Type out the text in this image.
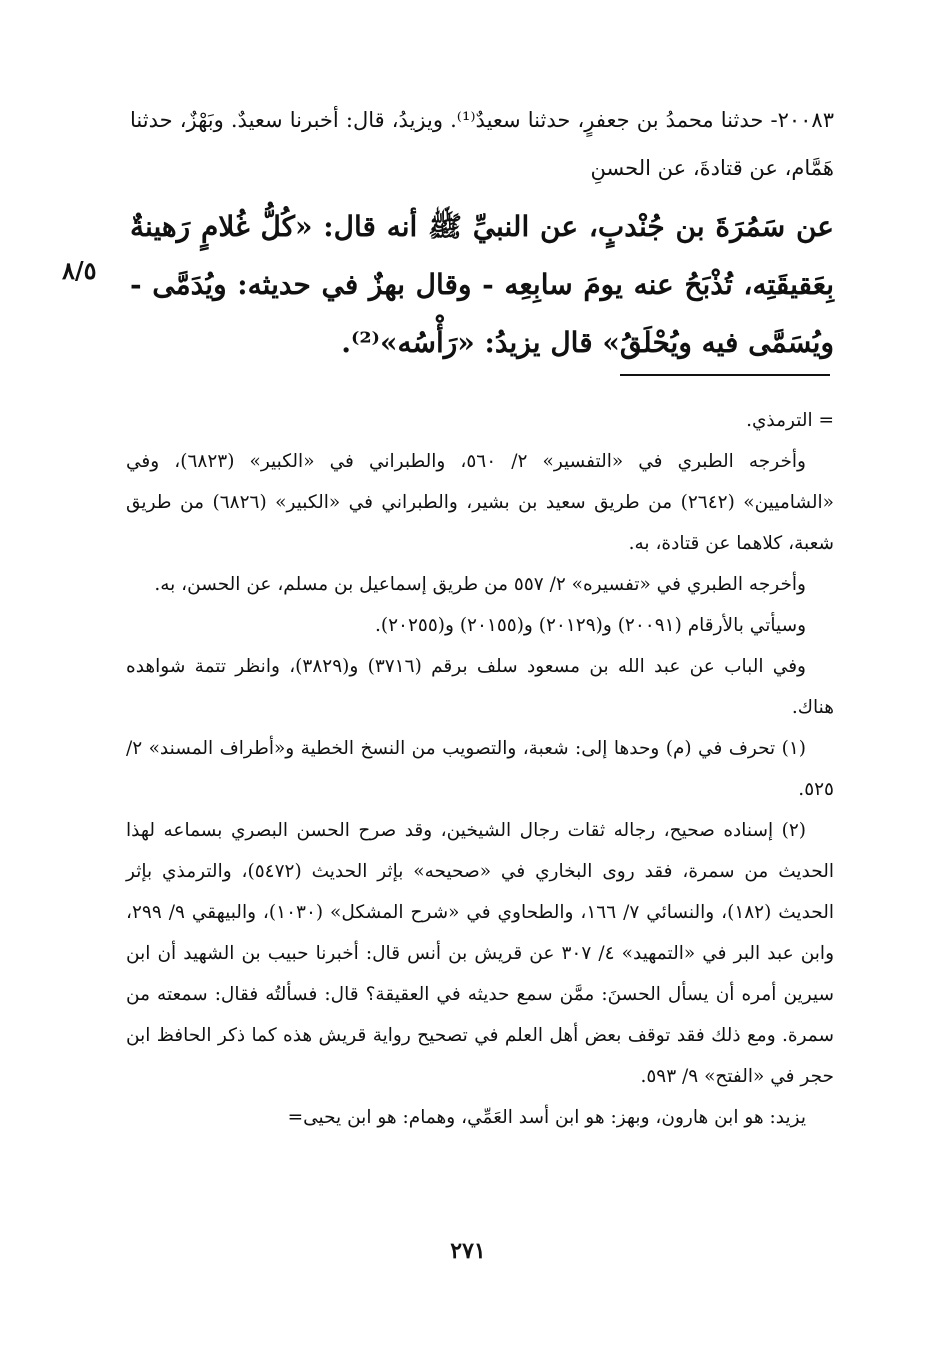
٨/٥
٢٠٠٨٣- حدثنا محمدُ بن جعفرٍ، حدثنا سعيدٌ⁽¹⁾. ويزيدُ، قال: أخبرنا سعيدٌ. وبَهْزٌ، حدثنا هَمَّام، عن قتادةَ، عن الحسنِ
عن سَمُرَةَ بن جُنْدبٍ، عن النبيِّ ﷺ أنه قال: «كُلُّ غُلامٍ رَهينةٌ بِعَقيقَتِه، تُذْبَحُ عنه يومَ سابِعِه - وقال بهزٌ في حديثه: ويُدَمَّى - ويُسَمَّى فيه ويُحْلَقُ» قال يزيدُ: «رَأْسُه»⁽²⁾.

= الترمذي.

وأخرجه الطبري في «التفسير» ٢/ ٥٦٠، والطبراني في «الكبير» (٦٨٢٣)، وفي «الشاميين» (٢٦٤٢) من طريق سعيد بن بشير، والطبراني في «الكبير» (٦٨٢٦) من طريق شعبة، كلاهما عن قتادة، به.

وأخرجه الطبري في «تفسيره» ٢/ ٥٥٧ من طريق إسماعيل بن مسلم، عن الحسن، به.

وسيأتي بالأرقام (٢٠٠٩١) و(٢٠١٢٩) و(٢٠١٥٥) و(٢٠٢٥٥).

وفي الباب عن عبد الله بن مسعود سلف برقم (٣٧١٦) و(٣٨٢٩)، وانظر تتمة شواهده هناك.

(١) تحرف في (م) وحدها إلى: شعبة، والتصويب من النسخ الخطية و«أطراف المسند» ٢/ ٥٢٥.

(٢) إسناده صحيح، رجاله ثقات رجال الشيخين، وقد صرح الحسن البصري بسماعه لهذا الحديث من سمرة، فقد روى البخاري في «صحيحه» بإثر الحديث (٥٤٧٢)، والترمذي بإثر الحديث (١٨٢)، والنسائي ٧/ ١٦٦، والطحاوي في «شرح المشكل» (١٠٣٠)، والبيهقي ٩/ ٢٩٩، وابن عبد البر في «التمهيد» ٤/ ٣٠٧ عن قريش بن أنس قال: أخبرنا حبيب بن الشهيد أن ابن سيرين أمره أن يسأل الحسنَ: ممَّن سمع حديثه في العقيقة؟ قال: فسألتُه فقال: سمعته من سمرة. ومع ذلك فقد توقف بعض أهل العلم في تصحيح رواية قريش هذه كما ذكر الحافظ ابن حجر في «الفتح» ٩/ ٥٩٣.

يزيد: هو ابن هارون، وبهز: هو ابن أسد العَمِّي، وهمام: هو ابن يحيى=

٢٧١
